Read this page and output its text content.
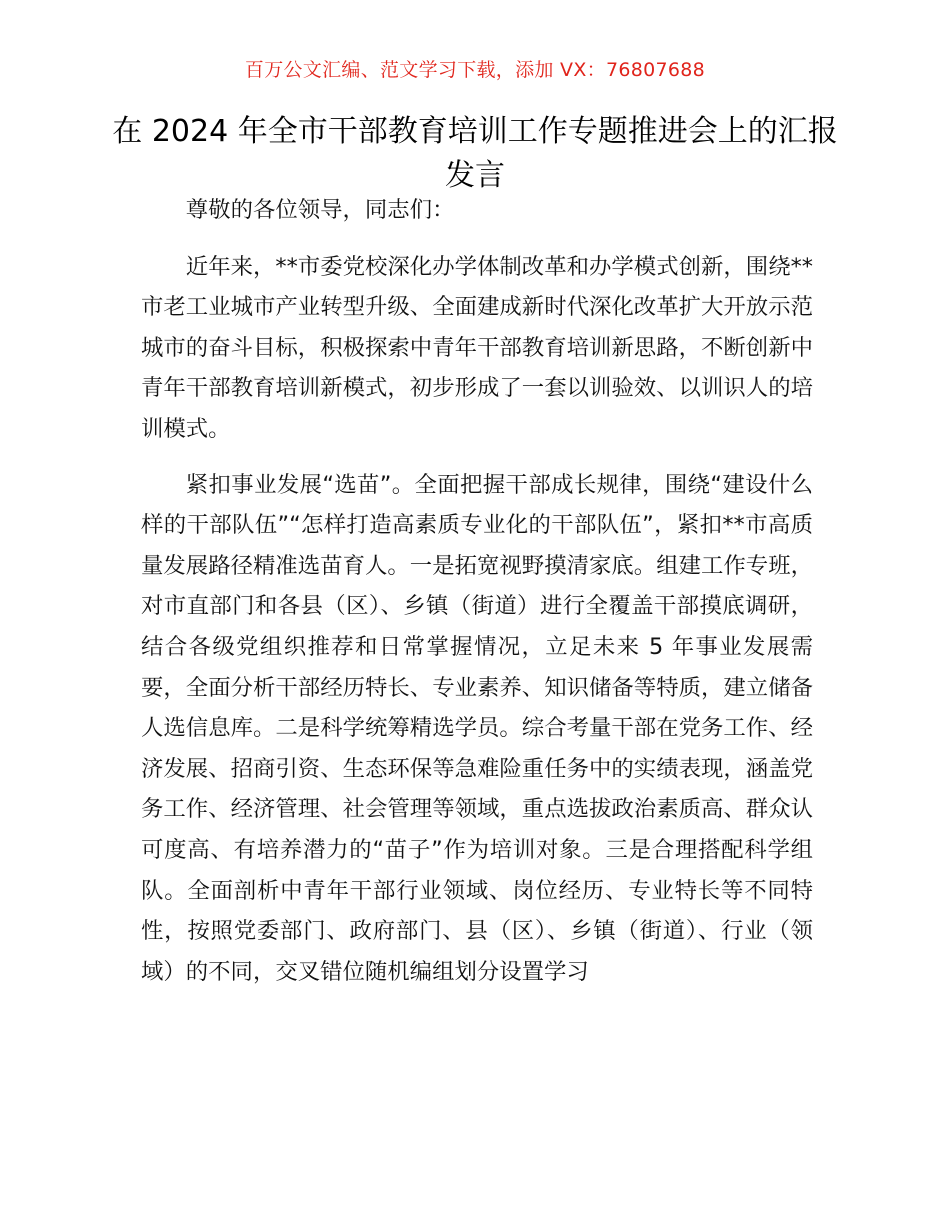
百万公文汇编、范文学习下载，添加 VX：76807688
在 2024 年全市干部教育培训工作专题推进会上的汇报发言

尊敬的各位领导，同志们：

近年来，**市委党校深化办学体制改革和办学模式创新，围绕**市老工业城市产业转型升级、全面建成新时代深化改革扩大开放示范城市的奋斗目标，积极探索中青年干部教育培训新思路，不断创新中青年干部教育培训新模式，初步形成了一套以训验效、以训识人的培训模式。

紧扣事业发展“选苗”。全面把握干部成长规律，围绕“建设什么样的干部队伍”“怎样打造高素质专业化的干部队伍”，紧扣**市高质量发展路径精准选苗育人。一是拓宽视野摸清家底。组建工作专班，对市直部门和各县（区）、乡镇（街道）进行全覆盖干部摸底调研，结合各级党组织推荐和日常掌握情况，立足未来 5 年事业发展需要，全面分析干部经历特长、专业素养、知识储备等特质，建立储备人选信息库。二是科学统筹精选学员。综合考量干部在党务工作、经济发展、招商引资、生态环保等急难险重任务中的实绩表现，涵盖党务工作、经济管理、社会管理等领域，重点选拔政治素质高、群众认可度高、有培养潜力的“苗子”作为培训对象。三是合理搭配科学组队。全面剖析中青年干部行业领域、岗位经历、专业特长等不同特性，按照党委部门、政府部门、县（区）、乡镇（街道）、行业（领域）的不同，交叉错位随机编组划分设置学习
